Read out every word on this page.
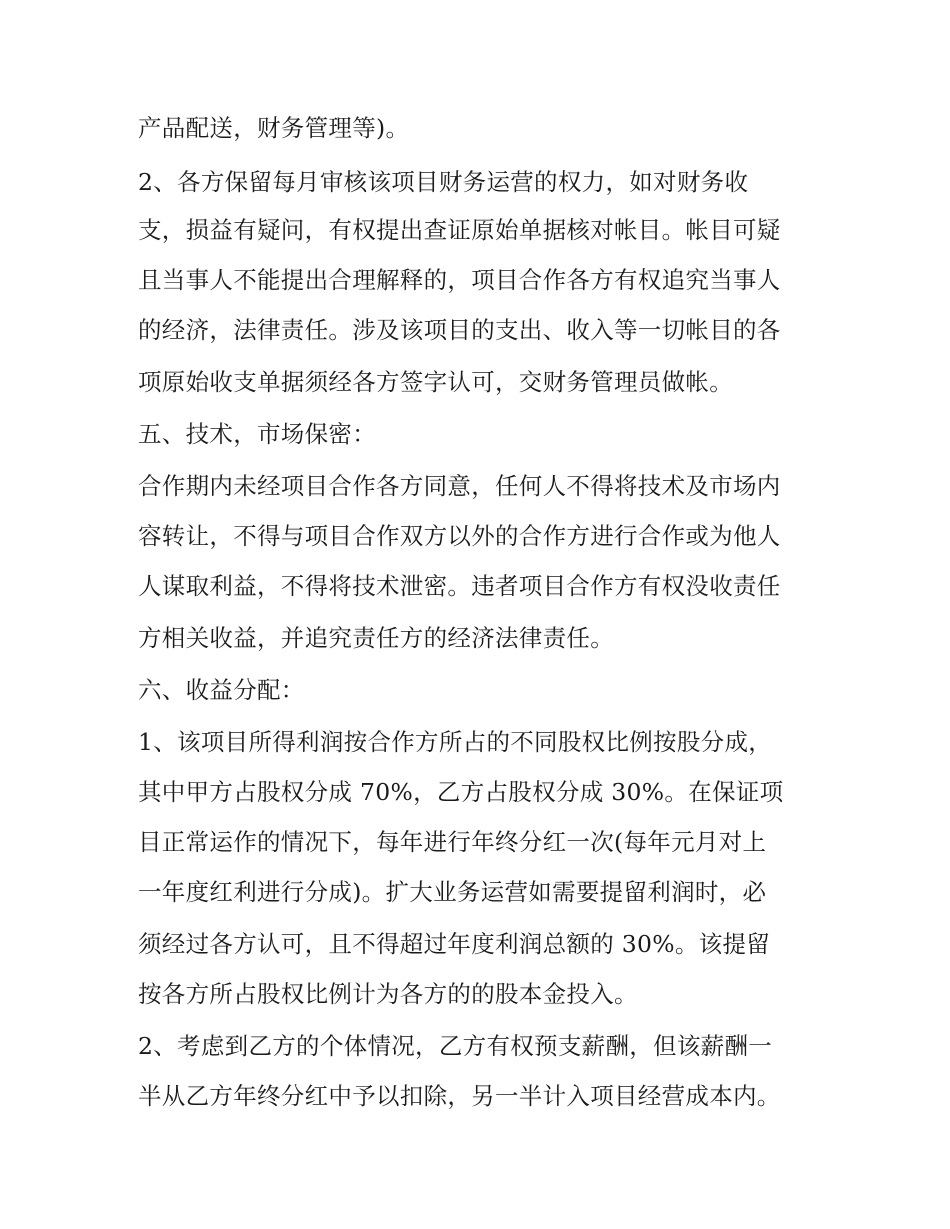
产品配送，财务管理等)。
2、各方保留每月审核该项目财务运营的权力，如对财务收
支，损益有疑问，有权提出查证原始单据核对帐目。帐目可疑
且当事人不能提出合理解释的，项目合作各方有权追究当事人
的经济，法律责任。涉及该项目的支出、收入等一切帐目的各
项原始收支单据须经各方签字认可，交财务管理员做帐。
五、技术，市场保密：
合作期内未经项目合作各方同意，任何人不得将技术及市场内
容转让，不得与项目合作双方以外的合作方进行合作或为他人
人谋取利益，不得将技术泄密。违者项目合作方有权没收责任
方相关收益，并追究责任方的经济法律责任。
六、收益分配：
1、该项目所得利润按合作方所占的不同股权比例按股分成，
其中甲方占股权分成 70%，乙方占股权分成 30%。在保证项
目正常运作的情况下，每年进行年终分红一次(每年元月对上
一年度红利进行分成)。扩大业务运营如需要提留利润时，必
须经过各方认可，且不得超过年度利润总额的 30%。该提留
按各方所占股权比例计为各方的的股本金投入。
2、考虑到乙方的个体情况，乙方有权预支薪酬，但该薪酬一
半从乙方年终分红中予以扣除，另一半计入项目经营成本内。
